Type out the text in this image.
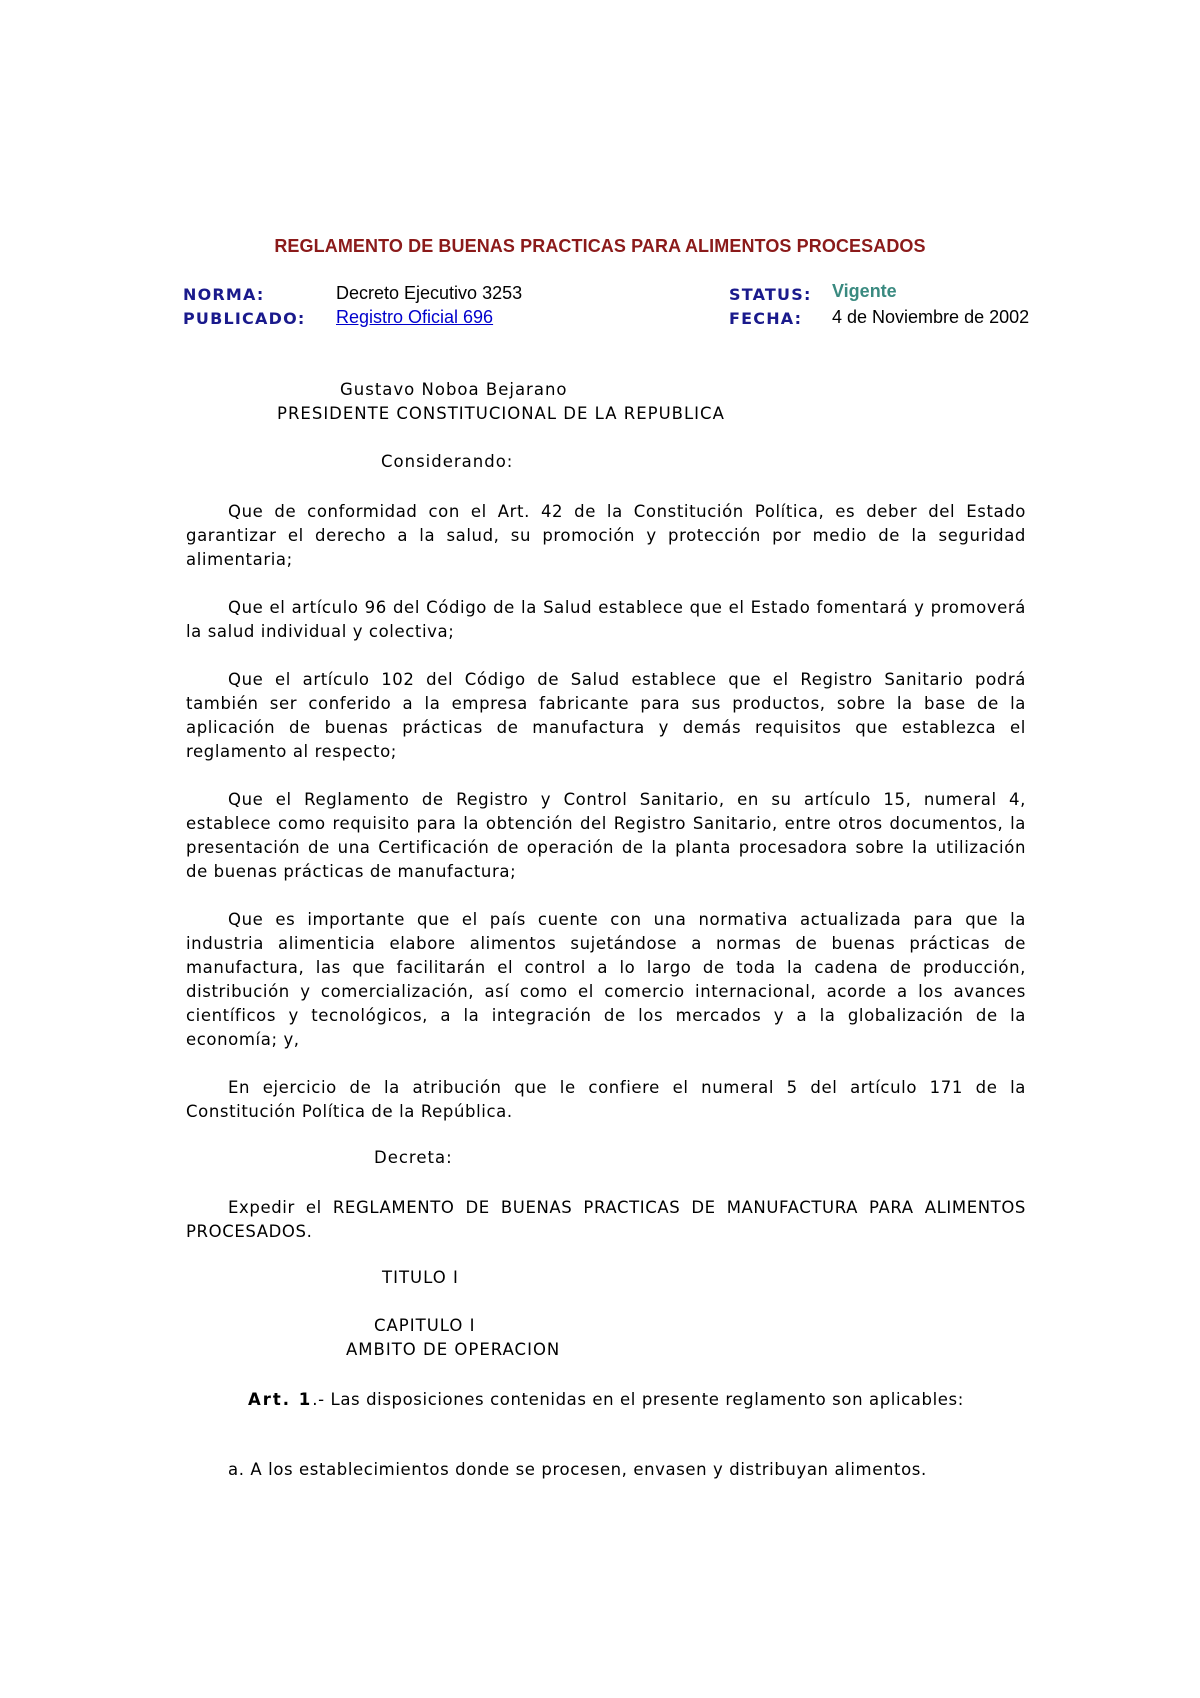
REGLAMENTO DE BUENAS PRACTICAS PARA ALIMENTOS PROCESADOS
NORMA:	Decreto Ejecutivo 3253
PUBLICADO: Registro Oficial 696
STATUS: Vigente
FECHA: 4 de Noviembre de 2002
Gustavo Noboa Bejarano
PRESIDENTE CONSTITUCIONAL DE LA REPUBLICA
Considerando:

Que de conformidad con el Art. 42 de la Constitución Política, es deber del Estado garantizar el derecho a la salud, su promoción y protección por medio de la seguridad alimentaria;

Que el artículo 96 del Código de la Salud establece que el Estado fomentará y promoverá la salud individual y colectiva;

Que el artículo 102 del Código de Salud establece que el Registro Sanitario podrá también ser conferido a la empresa fabricante para sus productos, sobre la base de la aplicación de buenas prácticas de manufactura y demás requisitos que establezca el reglamento al respecto;

Que el Reglamento de Registro y Control Sanitario, en su artículo 15, numeral 4, establece como requisito para la obtención del Registro Sanitario, entre otros documentos, la presentación de una Certificación de operación de la planta procesadora sobre la utilización de buenas prácticas de manufactura;

Que es importante que el país cuente con una normativa actualizada para que la industria alimenticia elabore alimentos sujetándose a normas de buenas prácticas de manufactura, las que facilitarán el control a lo largo de toda la cadena de producción, distribución y comercialización, así como el comercio internacional, acorde a los avances científicos y tecnológicos, a la integración de los mercados y a la globalización de la economía; y,

En ejercicio de la atribución que le confiere el numeral 5 del artículo 171 de la Constitución Política de la República.

Decreta:

Expedir el REGLAMENTO DE BUENAS PRACTICAS DE MANUFACTURA PARA ALIMENTOS PROCESADOS.

TITULO I
CAPITULO I
AMBITO DE OPERACION

Art. 1.- Las disposiciones contenidas en el presente reglamento son aplicables:

a. A los establecimientos donde se procesen, envasen y distribuyan alimentos.
